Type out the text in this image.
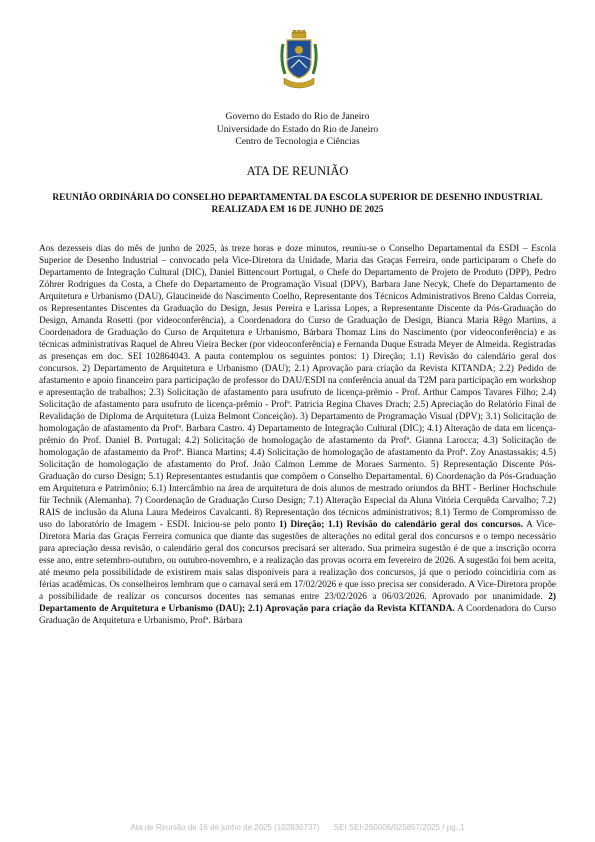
Governo do Estado do Rio de Janeiro
Universidade do Estado do Rio de Janeiro
Centro de Tecnologia e Ciências
ATA DE REUNIÃO
REUNIÃO ORDINÁRIA DO CONSELHO DEPARTAMENTAL DA ESCOLA SUPERIOR DE DESENHO INDUSTRIAL REALIZADA EM 16 DE JUNHO DE 2025

Aos dezesseis dias do mês de junho de 2025, às treze horas e doze minutos, reuniu-se o Conselho Departamental da ESDI – Escola Superior de Desenho Industrial – convocado pela Vice-Diretora da Unidade, Maria das Graças Ferreira, onde participaram o Chefe do Departamento de Integração Cultural (DIC), Daniel Bittencourt Portugal, o Chefe do Departamento de Projeto de Produto (DPP), Pedro Zöhrer Rodrigues da Costa, a Chefe do Departamento de Programação Visual (DPV), Barbara Jane Necyk, Chefe do Departamento de Arquitetura e Urbanismo (DAU), Glaucineide do Nascimento Coelho, Representante dos Técnicos Administrativos Breno Caldas Correia, os Representantes Discentes da Graduação do Design, Jesus Pereira e Larissa Lopes, a Representante Discente da Pós-Graduação do Design, Amanda Rosetti (por videoconferência), a Coordenadora do Curso de Graduação de Design, Bianca Maria Rêgo Martins, a Coordenadora de Graduação do Curso de Arquitetura e Urbanismo, Bárbara Thomaz Lins do Nascimento (por videoconferência) e as técnicas administrativas Raquel de Abreu Vieira Becker (por videoconferência) e Fernanda Duque Estrada Meyer de Almeida. Registradas as presenças em doc. SEI 102864043. A pauta contemplou os seguintes pontos: 1) Direção; 1.1) Revisão do calendário geral dos concursos. 2) Departamento de Arquitetura e Urbanismo (DAU); 2.1) Aprovação para criação da Revista KITANDA; 2.2) Pedido de afastamento e apoio financeiro para participação de professor do DAU/ESDI na conferência anual da T2M para participação em workshop e apresentação de trabalhos; 2.3) Solicitação de afastamento para usufruto de licença-prêmio - Prof. Arthur Campos Tavares Filho; 2.4) Solicitação de afastamento para usufruto de licença-prêmio - Profª. Patricia Regina Chaves Drach; 2.5) Apreciação do Relatório Final de Revalidação de Diploma de Arquitetura (Luiza Belmont Conceição). 3) Departamento de Programação Visual (DPV); 3.1) Solicitação de homologação de afastamento da Profª. Barbara Castro. 4) Departamento de Integração Cultural (DIC); 4.1) Alteração de data em licença-prêmio do Prof. Daniel B. Portugal; 4.2) Solicitação de homologação de afastamento da Profª. Gianna Larocca; 4.3) Solicitação de homologação de afastamento da Profª. Bianca Martins; 4.4) Solicitação de homologação de afastamento da Profª. Zoy Anastassakis; 4.5) Solicitação de homologação de afastamento do Prof. João Calmon Lemme de Moraes Sarmento. 5) Representação Discente Pós-Graduação do curso Design; 5.1) Representantes estudantis que compõem o Conselho Departamental. 6) Coordenação da Pós-Graduação em Arquitetura e Patrimônio; 6.1) Intercâmbio na área de arquitetura de dois alunos de mestrado oriundos da BHT - Berliner Hochschule für Technik (Alemanha). 7) Coordenação de Graduação Curso Design; 7.1) Alteração Especial da Aluna Vitória Cerquêda Carvalho; 7.2) RAIS de inclusão da Aluna Laura Medeiros Cavalcanti. 8) Representação dos técnicos administrativos; 8.1) Termo de Compromisso de uso do laboratório de Imagem - ESDI. Iniciou-se pelo ponto 1) Direção; 1.1) Revisão do calendário geral dos concursos. A Vice-Diretora Maria das Graças Ferreira comunica que diante das sugestões de alterações no edital geral dos concursos e o tempo necessário para apreciação dessa revisão, o calendário geral dos concursos precisará ser alterado. Sua primeira sugestão é de que a inscrição ocorra esse ano, entre setembro-outubro, ou outubro-novembro, e a realização das provas ocorra em fevereiro de 2026. A sugestão foi bem aceita, até mesmo pela possibilidade de existirem mais salas disponíveis para a realização dos concursos, já que o período coincidiria com as férias acadêmicas. Os conselheiros lembram que o carnaval será em 17/02/2026 e que isso precisa ser considerado. A Vice-Diretora propõe a possibilidade de realizar os concursos docentes nas semanas entre 23/02/2026 a 06/03/2026. Aprovado por unanimidade. 2) Departamento de Arquitetura e Urbanismo (DAU); 2.1) Aprovação para criação da Revista KITANDA. A Coordenadora do Curso Graduação de Arquitetura e Urbanismo, Profª. Bárbara

Ata de Reunião de 16 de junho de 2025 (102836737) SEI SEI-260006/025857/2025 / pg. 1
